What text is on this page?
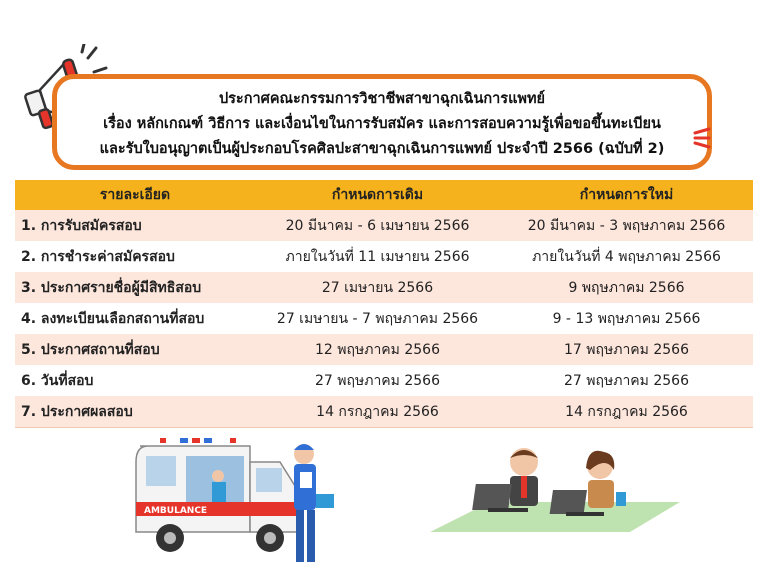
ประกาศคณะกรรมการวิชาชีพสาขาฉุกเฉินการแพทย์
เรื่อง หลักเกณฑ์ วิธีการ และเงื่อนไขในการรับสมัคร และการสอบความรู้เพื่อขอขึ้นทะเบียน
และรับใบอนุญาตเป็นผู้ประกอบโรคศิลปะสาขาฉุกเฉินการแพทย์ ประจำปี 2566 (ฉบับที่ 2)
รายละเอียด	กำหนดการเดิม	กำหนดการใหม่
1. การรับสมัครสอบ	20 มีนาคม - 6 เมษายน 2566	20 มีนาคม - 3 พฤษภาคม 2566
2. การชำระค่าสมัครสอบ	ภายในวันที่ 11 เมษายน 2566	ภายในวันที่ 4 พฤษภาคม 2566
3. ประกาศรายชื่อผู้มีสิทธิสอบ	27 เมษายน 2566	9 พฤษภาคม 2566
4. ลงทะเบียนเลือกสถานที่สอบ	27 เมษายน - 7 พฤษภาคม 2566	9 - 13 พฤษภาคม 2566
5. ประกาศสถานที่สอบ	12 พฤษภาคม 2566	17 พฤษภาคม 2566
6. วันที่สอบ	27 พฤษภาคม 2566	27 พฤษภาคม 2566
7. ประกาศผลสอบ	14 กรกฎาคม 2566	14 กรกฎาคม 2566
AMBULANCE
